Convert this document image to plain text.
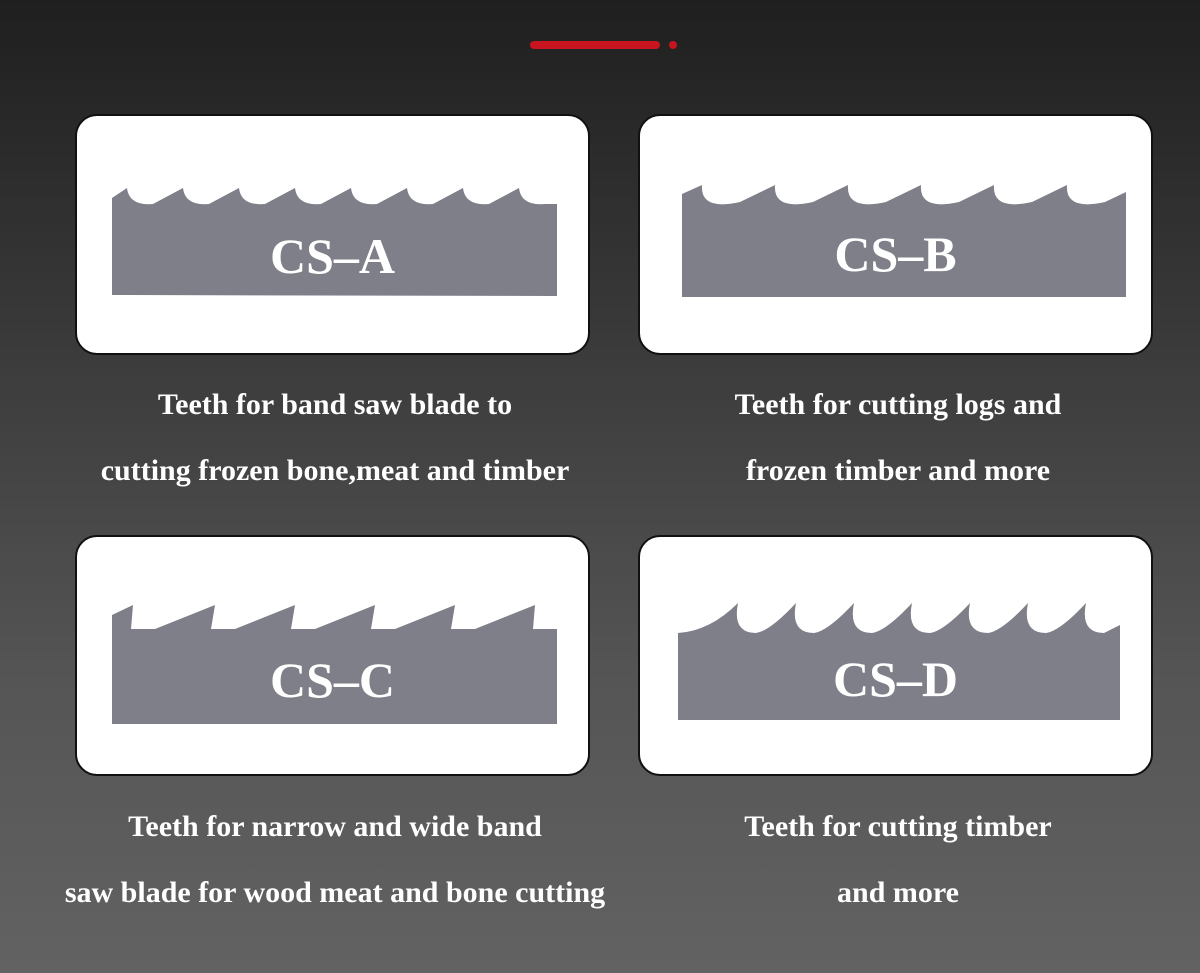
CS–A
Teeth for band saw blade to
cutting frozen bone,meat and timber
CS–B
Teeth for cutting logs and
frozen timber and more
CS–C
Teeth for narrow and wide band
saw blade for wood meat and bone cutting
CS–D
Teeth for cutting timber
and more
